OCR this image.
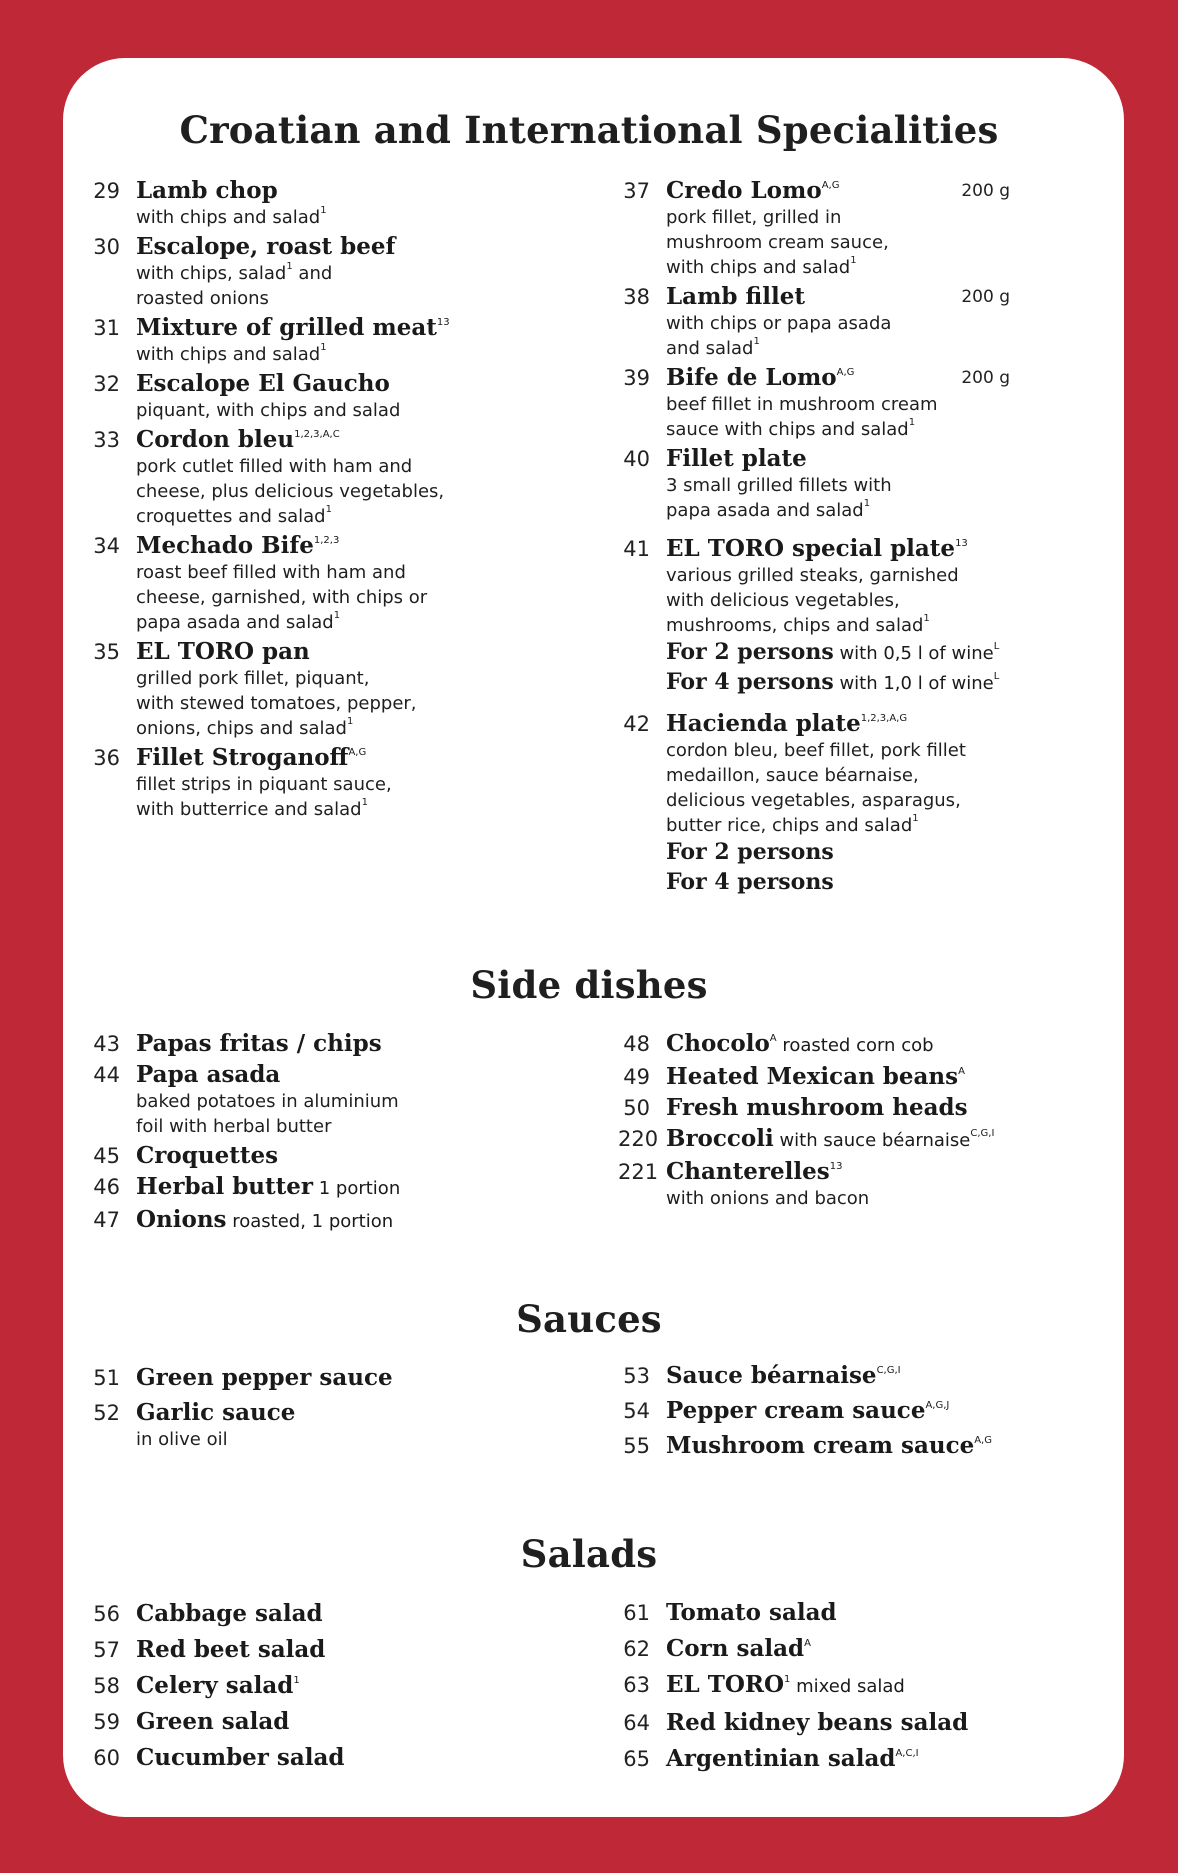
Croatian and International Specialities
29 Lamb chop
with chips and salad$^1$
30 Escalope, roast beef
with chips, salad$^1$ and
roasted onions
31 Mixture of grilled meat$^{13}$
with chips and salad$^1$
32 Escalope El Gaucho
piquant, with chips and salad
33 Cordon bleu$^{1,2,3,A,C}$
pork cutlet filled with ham and
cheese, plus delicious vegetables,
croquettes and salad$^1$
34 Mechado Bife$^{1,2,3}$
roast beef filled with ham and
cheese, garnished, with chips or
papa asada and salad$^1$
35 EL TORO pan
grilled pork fillet, piquant,
with stewed tomatoes, pepper,
onions, chips and salad$^1$
36 Fillet Stroganoff$^{A,G}$
fillet strips in piquant sauce,
with butterrice and salad$^1$
37	200 g
Credo Lomo$^{A,G}$
pork fillet, grilled in
mushroom cream sauce,
with chips and salad$^1$
38	200 g
Lamb fillet
with chips or papa asada
and salad$^1$
39	200 g
Bife de Lomo$^{A,G}$
beef fillet in mushroom cream
sauce with chips and salad$^1$
40 Fillet plate
3 small grilled fillets with
papa asada and salad$^1$
41 EL TORO special plate$^{13}$
various grilled steaks, garnished
with delicious vegetables,
mushrooms, chips and salad$^1$
For 2 persons with 0,5 l of wine$^L$
For 4 persons with 1,0 l of wine$^L$
42 Hacienda plate$^{1,2,3,A,G}$
cordon bleu, beef fillet, pork fillet
medaillon, sauce béarnaise,
delicious vegetables, asparagus,
butter rice, chips and salad$^1$
For 2 persons
For 4 persons
Side dishes
43 Papas fritas / chips
44 Papa asada
baked potatoes in aluminium
foil with herbal butter
45 Croquettes
46 Herbal butter 1 portion
47 Onions roasted, 1 portion
48 Chocolo$^A$ roasted corn cob
49 Heated Mexican beans$^A$
50 Fresh mushroom heads
220 Broccoli with sauce béarnaise$^{C,G,I}$
221 Chanterelles$^{13}$
with onions and bacon
Sauces
51 Green pepper sauce
52 Garlic sauce
in olive oil
53 Sauce béarnaise$^{C,G,I}$
54 Pepper cream sauce$^{A,G,J}$
55 Mushroom cream sauce$^{A,G}$
Salads
56 Cabbage salad
57 Red beet salad
58 Celery salad$^1$
59 Green salad
60 Cucumber salad
61 Tomato salad
62 Corn salad$^A$
63 EL TORO$^1$ mixed salad
64 Red kidney beans salad
65 Argentinian salad$^{A,C,I}$
